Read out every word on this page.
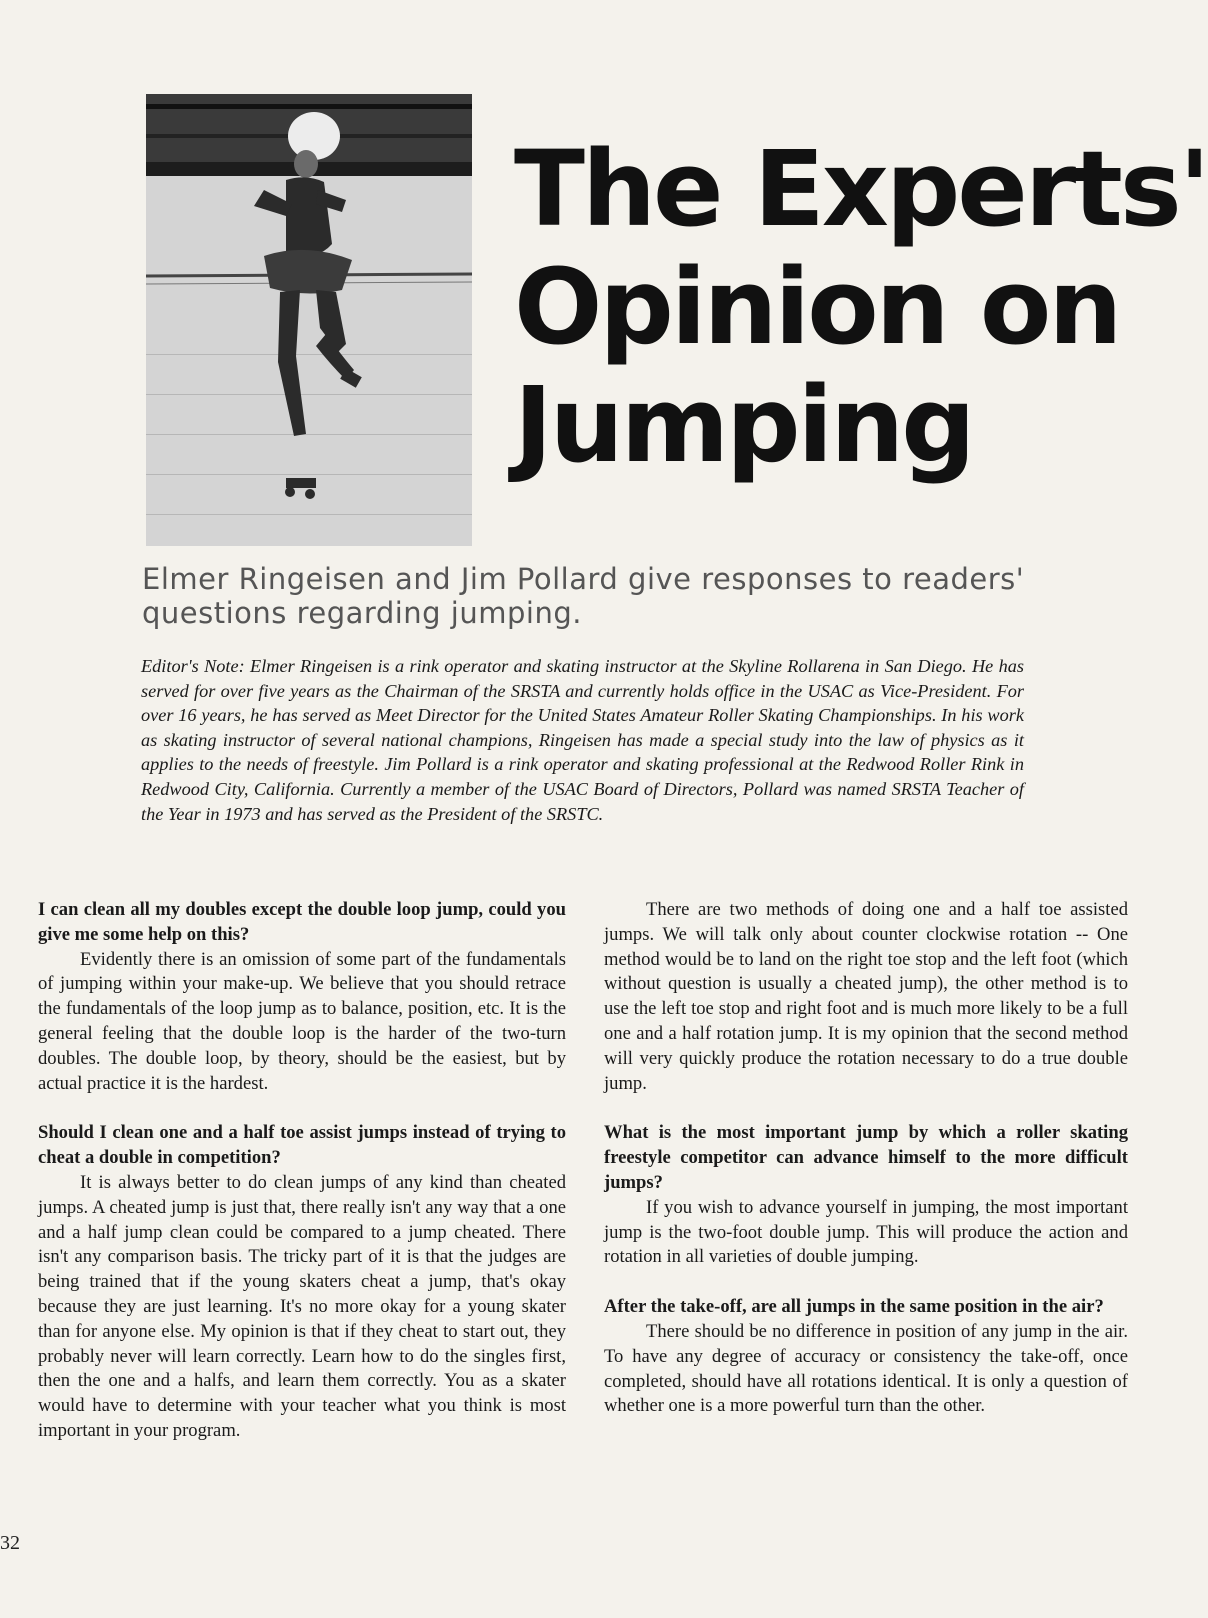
The Experts'
Opinion on
Jumping
Elmer Ringeisen and Jim Pollard give responses to readers' questions regarding jumping.

Editor's Note: Elmer Ringeisen is a rink operator and skating instructor at the Skyline Rollarena in San Diego. He has served for over five years as the Chairman of the SRSTA and currently holds office in the USAC as Vice-President. For over 16 years, he has served as Meet Director for the United States Amateur Roller Skating Championships. In his work as skating instructor of several national champions, Ringeisen has made a special study into the law of physics as it applies to the needs of freestyle. Jim Pollard is a rink operator and skating professional at the Redwood Roller Rink in Redwood City, California. Currently a member of the USAC Board of Directors, Pollard was named SRSTA Teacher of the Year in 1973 and has served as the President of the SRSTC.

I can clean all my doubles except the double loop jump, could you give me some help on this?

Evidently there is an omission of some part of the fundamentals of jumping within your make-up. We believe that you should retrace the fundamentals of the loop jump as to balance, position, etc. It is the general feeling that the double loop is the harder of the two-turn doubles. The double loop, by theory, should be the easiest, but by actual practice it is the hardest.

Should I clean one and a half toe assist jumps instead of trying to cheat a double in competition?

It is always better to do clean jumps of any kind than cheated jumps. A cheated jump is just that, there really isn't any way that a one and a half jump clean could be compared to a jump cheated. There isn't any comparison basis. The tricky part of it is that the judges are being trained that if the young skaters cheat a jump, that's okay because they are just learning. It's no more okay for a young skater than for anyone else. My opinion is that if they cheat to start out, they probably never will learn correctly. Learn how to do the singles first, then the one and a halfs, and learn them correctly. You as a skater would have to determine with your teacher what you think is most important in your program.

There are two methods of doing one and a half toe assisted jumps. We will talk only about counter clockwise rotation -- One method would be to land on the right toe stop and the left foot (which without question is usually a cheated jump), the other method is to use the left toe stop and right foot and is much more likely to be a full one and a half rotation jump. It is my opinion that the second method will very quickly produce the rotation necessary to do a true double jump.

What is the most important jump by which a roller skating freestyle competitor can advance himself to the more difficult jumps?

If you wish to advance yourself in jumping, the most important jump is the two-foot double jump. This will produce the action and rotation in all varieties of double jumping.

After the take-off, are all jumps in the same position in the air?

There should be no difference in position of any jump in the air. To have any degree of accuracy or consistency the take-off, once completed, should have all rotations identical. It is only a question of whether one is a more powerful turn than the other.

32
